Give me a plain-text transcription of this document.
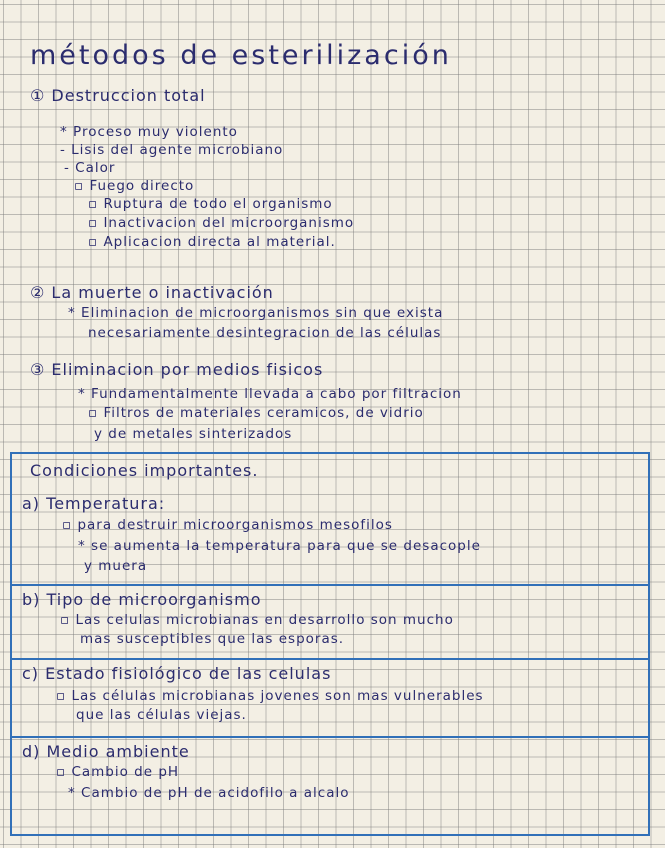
métodos de esterilización
① Destruccion total
* Proceso muy violento
- Lisis del agente microbiano
- Calor
▫ Fuego directo
▫ Ruptura de todo el organismo
▫ Inactivacion del microorganismo
▫ Aplicacion directa al material.
② La muerte o inactivación
* Eliminacion de microorganismos sin que exista
necesariamente desintegracion de las células
③ Eliminacion por medios fisicos
* Fundamentalmente llevada a cabo por filtracion
▫ Filtros de materiales ceramicos, de vidrio
y de metales sinterizados
Condiciones importantes.
a) Temperatura:
▫ para destruir microorganismos mesofilos
* se aumenta la temperatura para que se desacople
y muera
b) Tipo de microorganismo
▫ Las celulas microbianas en desarrollo son mucho
mas susceptibles que las esporas.
c) Estado fisiológico de las celulas
▫ Las células microbianas jovenes son mas vulnerables
que las células viejas.
d) Medio ambiente
▫ Cambio de pH
* Cambio de pH de acidofilo a alcalo
